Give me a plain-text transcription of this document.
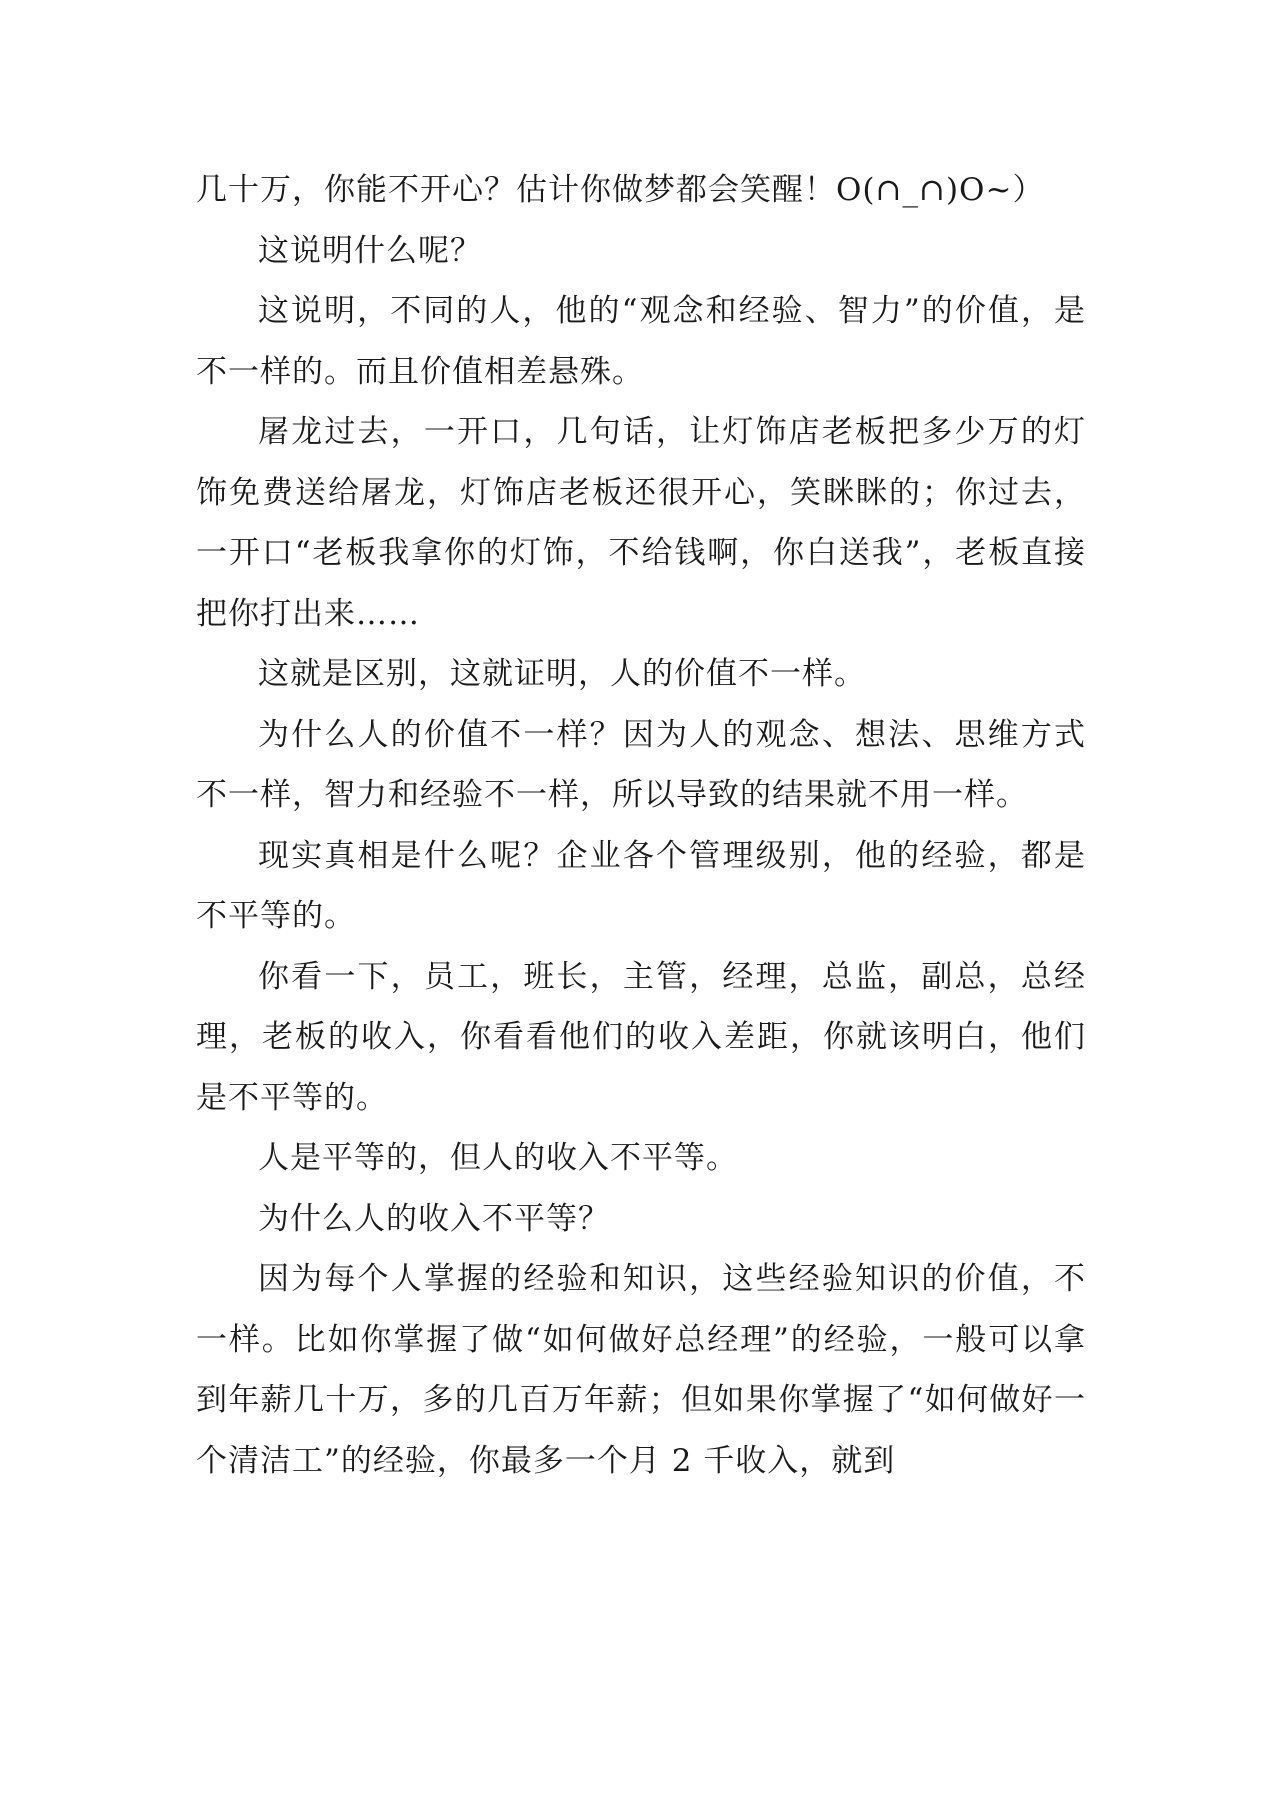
几十万，你能不开心？估计你做梦都会笑醒！O(∩_∩)O~）

这说明什么呢？

这说明，不同的人，他的“观念和经验、智力”的价值，是不一样的。而且价值相差悬殊。

屠龙过去，一开口，几句话，让灯饰店老板把多少万的灯饰免费送给屠龙，灯饰店老板还很开心，笑眯眯的；你过去，一开口“老板我拿你的灯饰，不给钱啊，你白送我”，老板直接把你打出来……

这就是区别，这就证明，人的价值不一样。

为什么人的价值不一样？因为人的观念、想法、思维方式不一样，智力和经验不一样，所以导致的结果就不用一样。

现实真相是什么呢？企业各个管理级别，他的经验，都是不平等的。

你看一下，员工，班长，主管，经理，总监，副总，总经理，老板的收入，你看看他们的收入差距，你就该明白，他们是不平等的。

人是平等的，但人的收入不平等。

为什么人的收入不平等？

因为每个人掌握的经验和知识，这些经验知识的价值，不一样。比如你掌握了做“如何做好总经理”的经验，一般可以拿到年薪几十万，多的几百万年薪；但如果你掌握了“如何做好一个清洁工”的经验，你最多一个月 2 千收入，就到
